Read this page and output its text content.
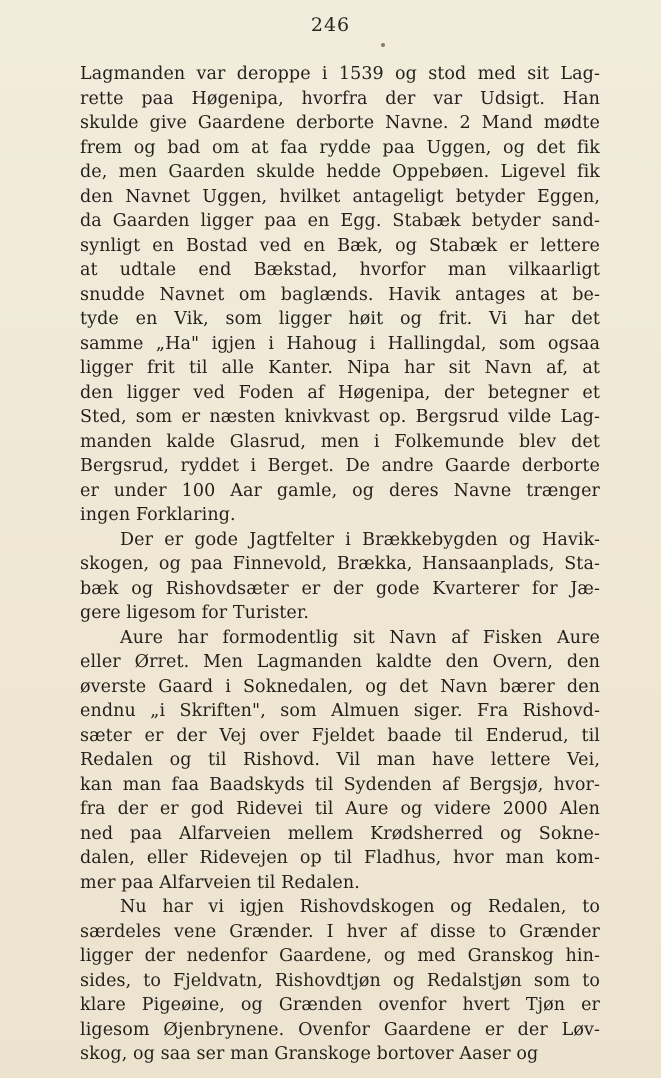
246
Lagmanden var deroppe i 1539 og stod med sit Lag-
rette paa Høgenipa, hvorfra der var Udsigt. Han
skulde give Gaardene derborte Navne. 2 Mand mødte
frem og bad om at faa rydde paa Uggen, og det fik
de, men Gaarden skulde hedde Oppebøen. Ligevel fik
den Navnet Uggen, hvilket antageligt betyder Eggen,
da Gaarden ligger paa en Egg. Stabæk betyder sand-
synligt en Bostad ved en Bæk, og Stabæk er lettere
at udtale end Bækstad, hvorfor man vilkaarligt
snudde Navnet om baglænds. Havik antages at be-
tyde en Vik, som ligger høit og frit. Vi har det
samme „Ha" igjen i Hahoug i Hallingdal, som ogsaa
ligger frit til alle Kanter. Nipa har sit Navn af, at
den ligger ved Foden af Høgenipa, der betegner et
Sted, som er næsten knivkvast op. Bergsrud vilde Lag-
manden kalde Glasrud, men i Folkemunde blev det
Bergsrud, ryddet i Berget. De andre Gaarde derborte
er under 100 Aar gamle, og deres Navne trænger
ingen Forklaring.
Der er gode Jagtfelter i Brækkebygden og Havik-
skogen, og paa Finnevold, Brækka, Hansaanplads, Sta-
bæk og Rishovdsæter er der gode Kvarterer for Jæ-
gere ligesom for Turister.
Aure har formodentlig sit Navn af Fisken Aure
eller Ørret. Men Lagmanden kaldte den Overn, den
øverste Gaard i Soknedalen, og det Navn bærer den
endnu „i Skriften", som Almuen siger. Fra Rishovd-
sæter er der Vej over Fjeldet baade til Enderud, til
Redalen og til Rishovd. Vil man have lettere Vei,
kan man faa Baadskyds til Sydenden af Bergsjø, hvor-
fra der er god Ridevei til Aure og videre 2000 Alen
ned paa Alfarveien mellem Krødsherred og Sokne-
dalen, eller Ridevejen op til Fladhus, hvor man kom-
mer paa Alfarveien til Redalen.
Nu har vi igjen Rishovdskogen og Redalen, to
særdeles vene Grænder. I hver af disse to Grænder
ligger der nedenfor Gaardene, og med Granskog hin-
sides, to Fjeldvatn, Rishovdtjøn og Redalstjøn som to
klare Pigeøine, og Grænden ovenfor hvert Tjøn er
ligesom Øjenbrynene. Ovenfor Gaardene er der Løv-
skog, og saa ser man Granskoge bortover Aaser og
